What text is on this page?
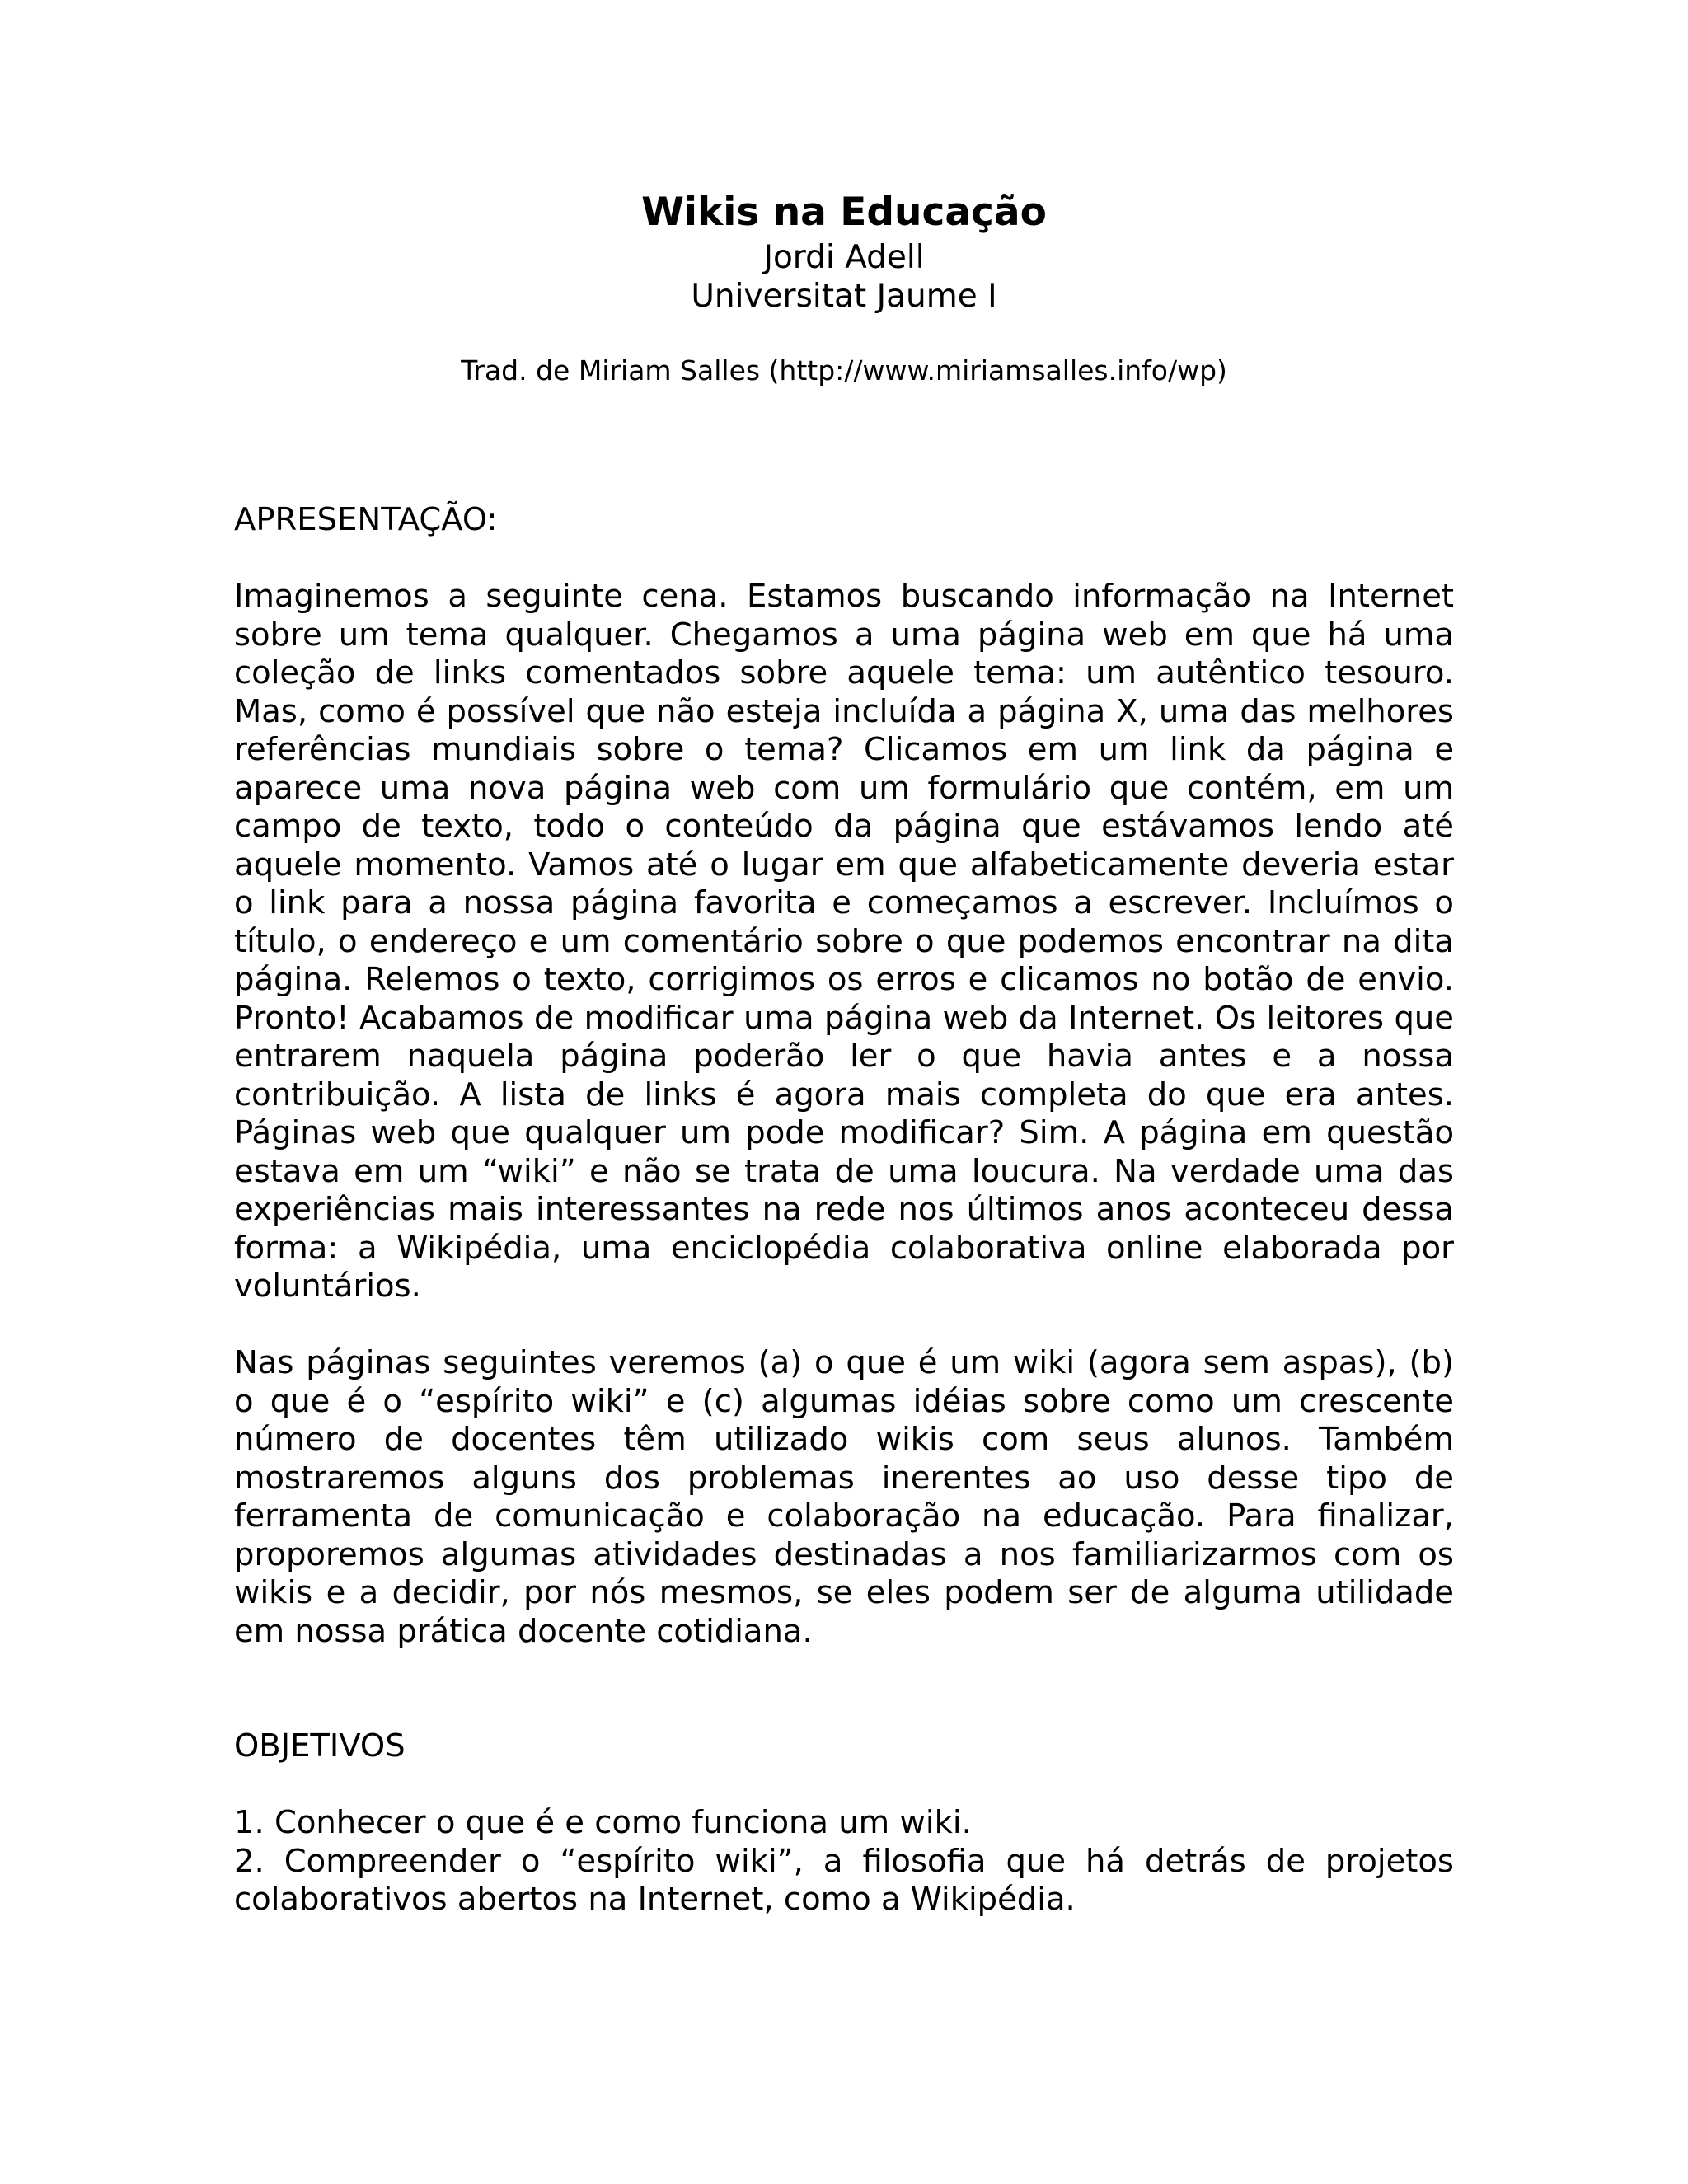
Wikis na Educação
Jordi Adell
Universitat Jaume I
Trad. de Miriam Salles (http://www.miriamsalles.info/wp)

APRESENTAÇÃO:

Imaginemos a seguinte cena. Estamos buscando informação na Internet sobre um tema qualquer. Chegamos a uma página web em que há uma coleção de links comentados sobre aquele tema: um autêntico tesouro. Mas, como é possível que não esteja incluída a página X, uma das melhores referências mundiais sobre o tema? Clicamos em um link da página e aparece uma nova página web com um formulário que contém, em um campo de texto, todo o conteúdo da página que estávamos lendo até aquele momento. Vamos até o lugar em que alfabeticamente deveria estar o link para a nossa página favorita e começamos a escrever. Incluímos o título, o endereço e um comentário sobre o que podemos encontrar na dita página. Relemos o texto, corrigimos os erros e clicamos no botão de envio. Pronto! Acabamos de modificar uma página web da Internet. Os leitores que entrarem naquela página poderão ler o que havia antes e a nossa contribuição. A lista de links é agora mais completa do que era antes. Páginas web que qualquer um pode modificar? Sim. A página em questão estava em um “wiki” e não se trata de uma loucura. Na verdade uma das experiências mais interessantes na rede nos últimos anos aconteceu dessa forma: a Wikipédia, uma enciclopédia colaborativa online elaborada por voluntários.

Nas páginas seguintes veremos (a) o que é um wiki (agora sem aspas), (b) o que é o “espírito wiki” e (c) algumas idéias sobre como um crescente número de docentes têm utilizado wikis com seus alunos. Também mostraremos alguns dos problemas inerentes ao uso desse tipo de ferramenta de comunicação e colaboração na educação. Para finalizar, proporemos algumas atividades destinadas a nos familiarizarmos com os wikis e a decidir, por nós mesmos, se eles podem ser de alguma utilidade em nossa prática docente cotidiana.

OBJETIVOS

1. Conhecer o que é e como funciona um wiki.

2. Compreender o “espírito wiki”, a filosofia que há detrás de projetos colaborativos abertos na Internet, como a Wikipédia.
